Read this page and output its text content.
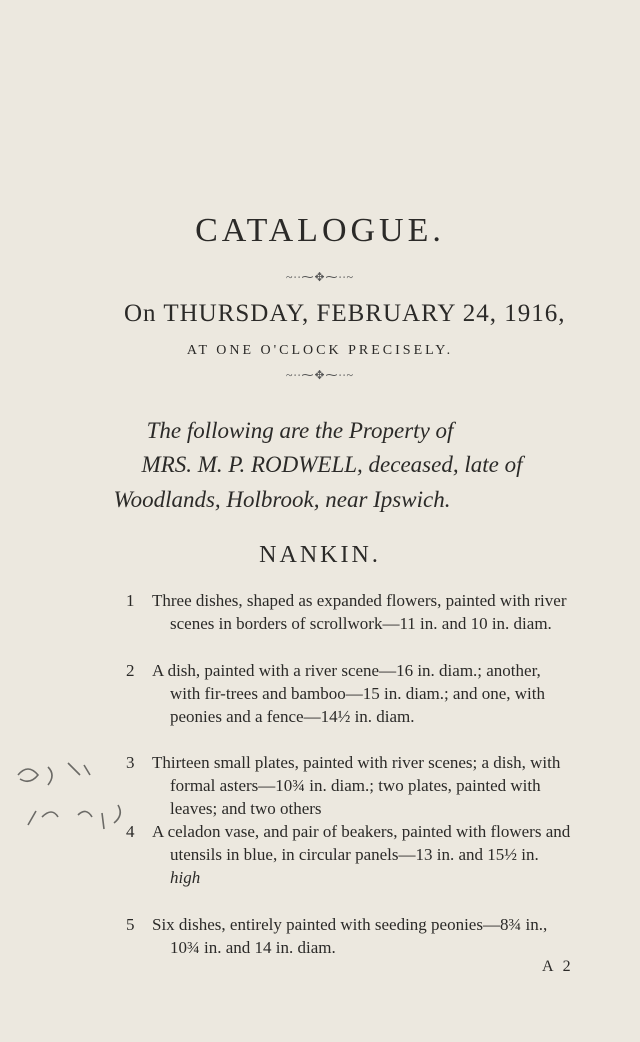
CATALOGUE.
~∙∙⁓✥⁓∙∙~
On THURSDAY, FEBRUARY 24, 1916,
AT ONE O'CLOCK PRECISELY.
~∙∙⁓✥⁓∙∙~
The following are the Property of
MRS. M. P. RODWELL, deceased, late of
Woodlands, Holbrook, near Ipswich.
NANKIN.
1 Three dishes, shaped as expanded flowers, painted with river
scenes in borders of scrollwork—11 in. and 10 in. diam.
2 A dish, painted with a river scene—16 in. diam.; another,
with fir-trees and bamboo—15 in. diam.; and one, with
peonies and a fence—14½ in. diam.
3 Thirteen small plates, painted with river scenes; a dish, with
formal asters—10¾ in. diam.; two plates, painted with
leaves; and two others
4 A celadon vase, and pair of beakers, painted with flowers and
utensils in blue, in circular panels—13 in. and 15½ in.
high
5 Six dishes, entirely painted with seeding peonies—8¾ in.,
10¾ in. and 14 in. diam.
A 2
